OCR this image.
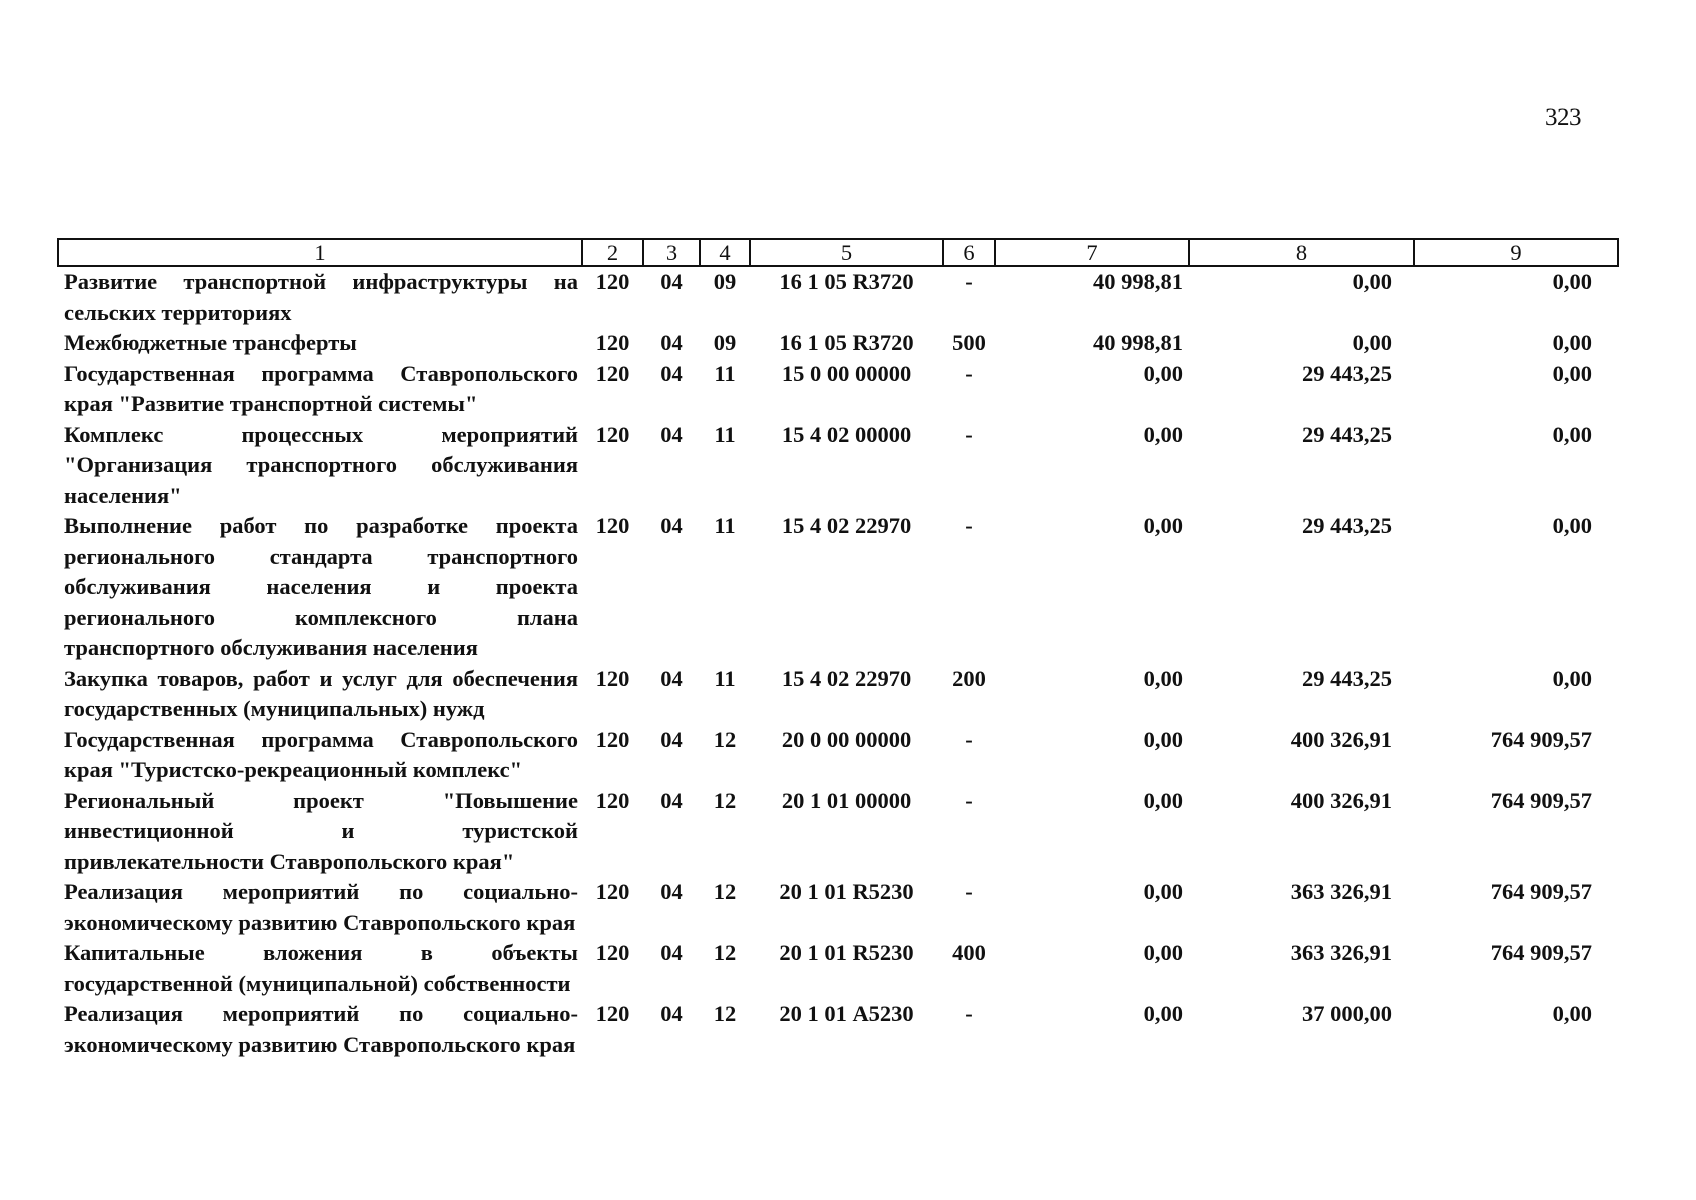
323
1	2	3	4	5	6	7	8	9
Развитие транспортной инфраструктуры на сельских территориях	120	04	09	16 1 05 R3720	-	40 998,81	0,00	0,00
Межбюджетные трансферты	120	04	09	16 1 05 R3720	500	40 998,81	0,00	0,00
Государственная программа Ставропольского края "Развитие транспортной системы"	120	04	11	15 0 00 00000	-	0,00	29 443,25	0,00
Комплекс процессных мероприятий "Организация транспортного обслуживания населения"	120	04	11	15 4 02 00000	-	0,00	29 443,25	0,00
Выполнение работ по разработке проекта регионального стандарта транспортного обслуживания населения и проекта регионального комплексного плана транспортного обслуживания населения	120	04	11	15 4 02 22970	-	0,00	29 443,25	0,00
Закупка товаров, работ и услуг для обеспечения государственных (муниципальных) нужд	120	04	11	15 4 02 22970	200	0,00	29 443,25	0,00
Государственная программа Ставропольского края "Туристско-рекреационный комплекс"	120	04	12	20 0 00 00000	-	0,00	400 326,91	764 909,57
Региональный проект "Повышение инвестиционной и туристской привлекательности Ставропольского края"	120	04	12	20 1 01 00000	-	0,00	400 326,91	764 909,57
Реализация мероприятий по социально-экономическому развитию Ставропольского края	120	04	12	20 1 01 R5230	-	0,00	363 326,91	764 909,57
Капитальные вложения в объекты государственной (муниципальной) собственности	120	04	12	20 1 01 R5230	400	0,00	363 326,91	764 909,57
Реализация мероприятий по социально-экономическому развитию Ставропольского края	120	04	12	20 1 01 А5230	-	0,00	37 000,00	0,00
